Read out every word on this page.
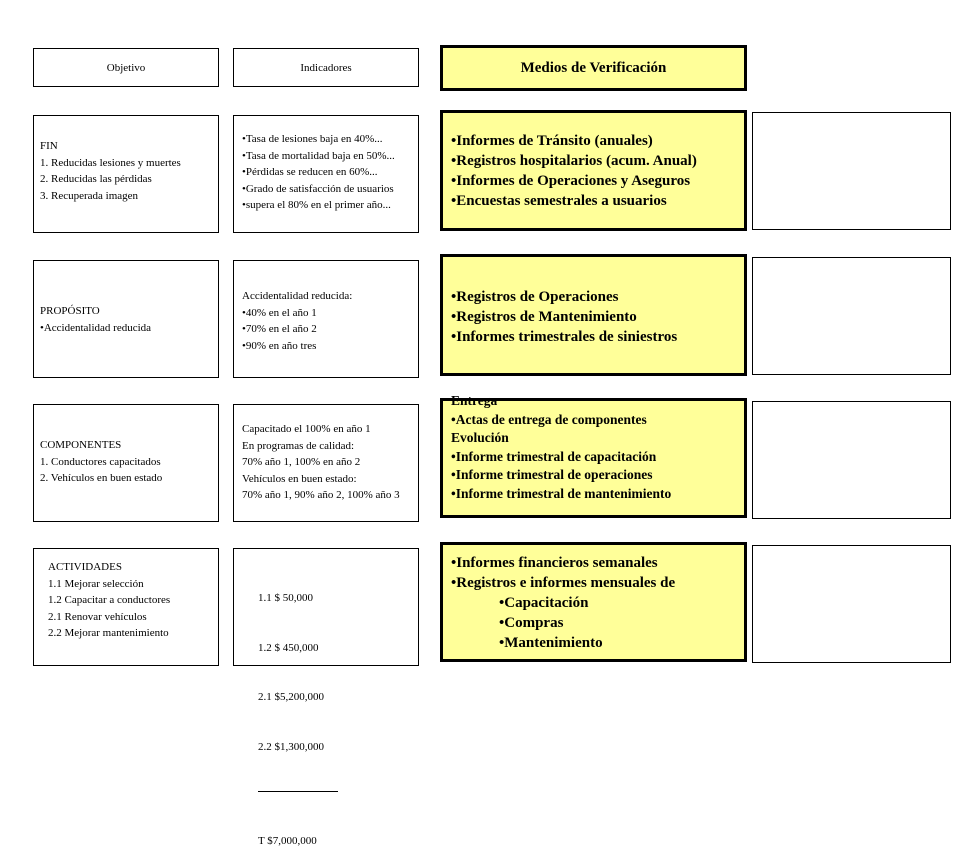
Objetivo	Indicadores	Medios de Verificación
FIN
1. Reducidas lesiones y muertes
2. Reducidas las pérdidas
3. Recuperada imagen
•Tasa de lesiones baja en 40%...
•Tasa de mortalidad baja en 50%...
•Pérdidas se reducen en 60%...
•Grado de satisfacción de usuarios
•supera el 80% en el primer año...
•Informes de Tránsito (anuales)
•Registros hospitalarios (acum. Anual)
•Informes de Operaciones y Aseguros
•Encuestas semestrales a usuarios
PROPÓSITO
•Accidentalidad reducida
Accidentalidad reducida:
•40% en el año 1
•70% en el año 2
•90% en año tres
•Registros de Operaciones
•Registros de Mantenimiento
•Informes trimestrales de siniestros
COMPONENTES
1. Conductores capacitados
2. Vehículos en buen estado
Capacitado el 100% en año 1
En programas de calidad:
70% año 1, 100% en año 2
Vehículos en buen estado:
70% año 1, 90% año 2, 100% año 3
Entrega
•Actas de entrega de componentes
Evolución
•Informe trimestral de capacitación
•Informe trimestral de operaciones
•Informe trimestral de mantenimiento
ACTIVIDADES
1.1 Mejorar selección
1.2 Capacitar a conductores
2.1 Renovar vehículos
2.2 Mejorar mantenimiento

1.1 $ 50,000

1.2 $ 450,000

2.1 $5,200,000

2.2 $1,300,000

T $7,000,000

•Informes financieros semanales
•Registros e informes mensuales de
•Capacitación
•Compras
•Mantenimiento
